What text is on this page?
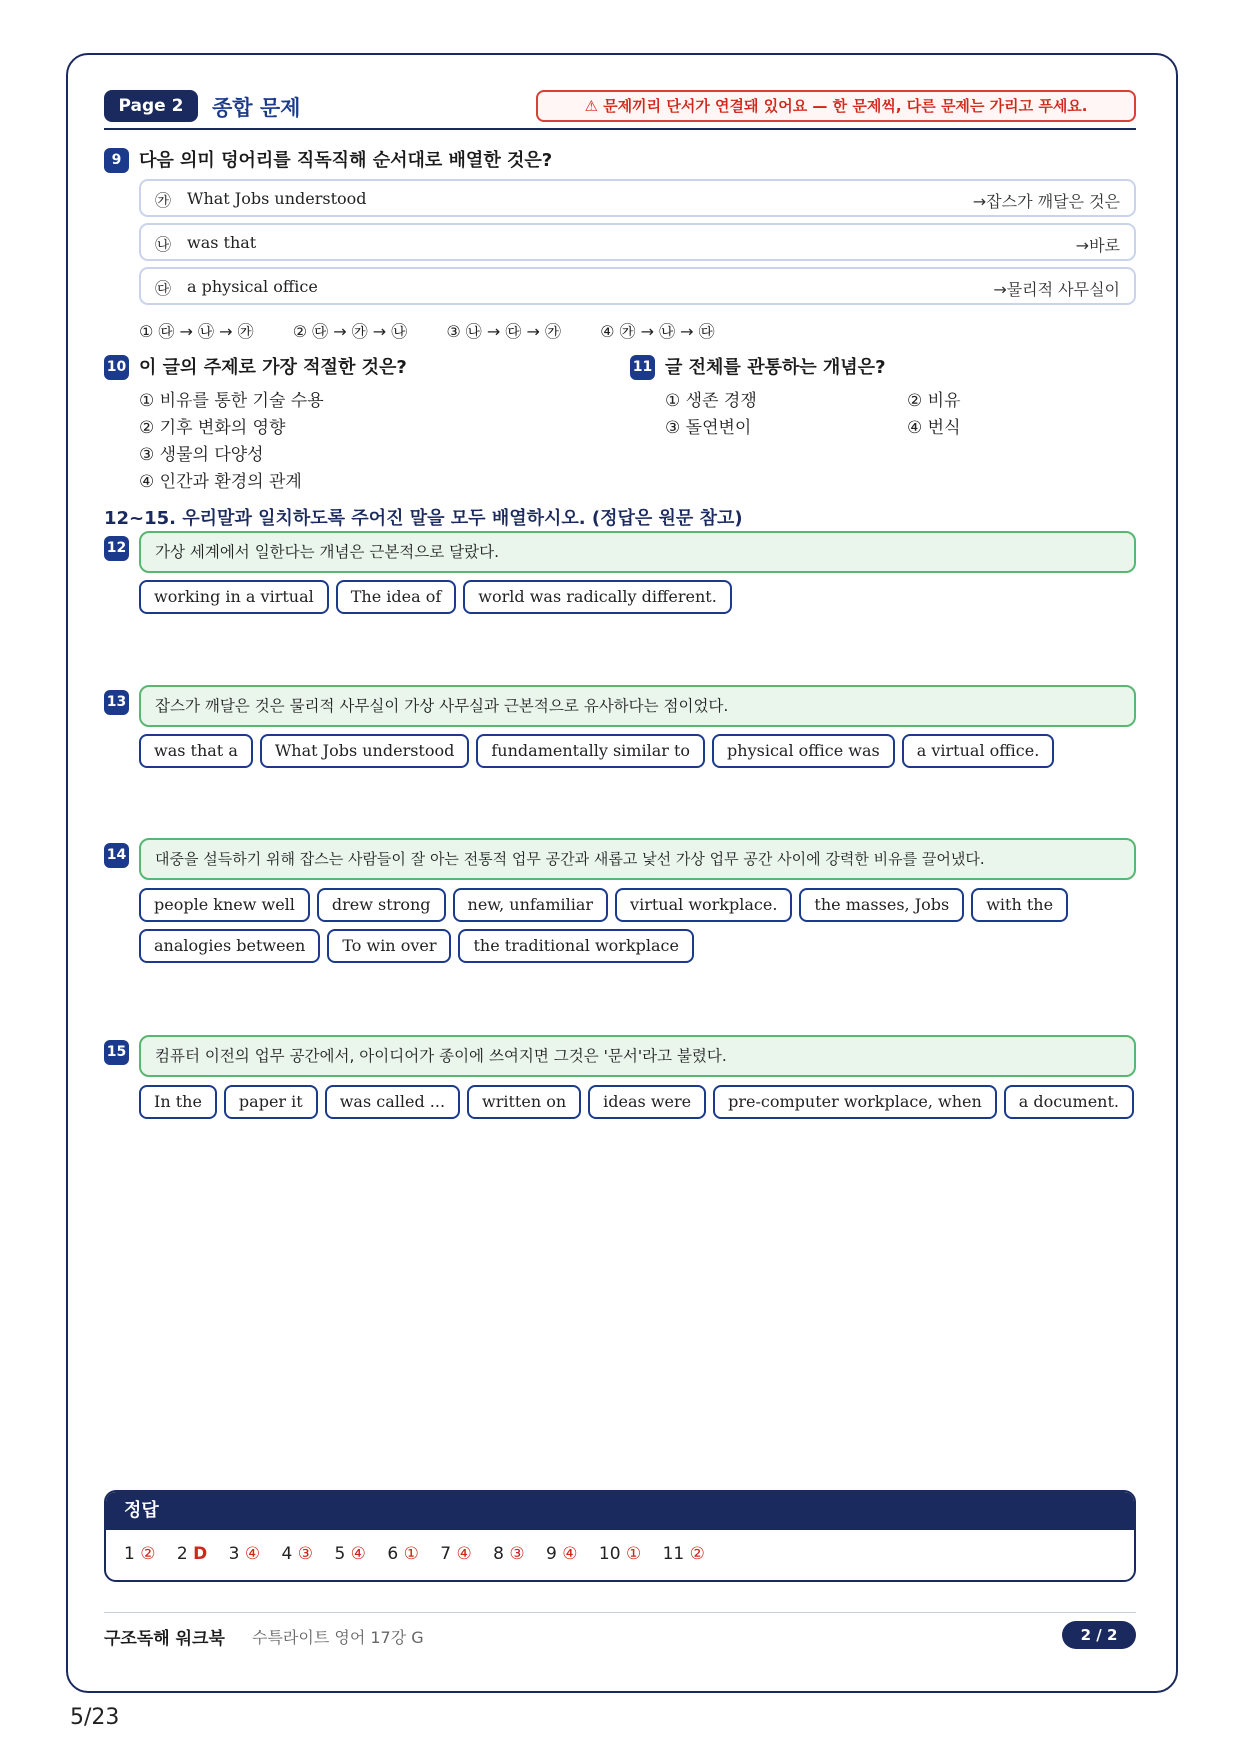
Page 2	종합 문제	⚠ 문제끼리 단서가 연결돼 있어요 — 한 문제씩, 다른 문제는 가리고 푸세요.
9 다음 의미 덩어리를 직독직해 순서대로 배열한 것은?
㉮ What Jobs understood	→잡스가 깨달은 것은
㉯ was that	→바로
㉰ a physical office	→물리적 사무실이
① ㉰ → ㉯ → ㉮ ② ㉰ → ㉮ → ㉯ ③ ㉯ → ㉰ → ㉮ ④ ㉮ → ㉯ → ㉰
10 이 글의 주제로 가장 적절한 것은?
① 비유를 통한 기술 수용
② 기후 변화의 영향
③ 생물의 다양성
④ 인간과 환경의 관계
11 글 전체를 관통하는 개념은?
① 생존 경쟁	② 비유
③ 돌연변이	④ 번식
12~15. 우리말과 일치하도록 주어진 말을 모두 배열하시오. (정답은 원문 참고)
12	가상 세계에서 일한다는 개념은 근본적으로 달랐다.
working in a virtual	The idea of	world was radically different.
13	잡스가 깨달은 것은 물리적 사무실이 가상 사무실과 근본적으로 유사하다는 점이었다.
was that a	What Jobs understood	fundamentally similar to	physical office was	a virtual office.
14	대중을 설득하기 위해 잡스는 사람들이 잘 아는 전통적 업무 공간과 새롭고 낯선 가상 업무 공간 사이에 강력한 비유를 끌어냈다.
people knew well	drew strong	new, unfamiliar	virtual workplace.	the masses, Jobs	with the
analogies between	To win over	the traditional workplace
15	컴퓨터 이전의 업무 공간에서, 아이디어가 종이에 쓰여지면 그것은 '문서'라고 불렸다.
In the	paper it	was called ...	written on	ideas were	pre-computer workplace, when	a document.
정답
1 ② 2 D 3 ④ 4 ③ 5 ④ 6 ① 7 ④ 8 ③ 9 ④ 10 ① 11 ②
구조독해 워크북 수특라이트 영어 17강 G	2 / 2
5/23
